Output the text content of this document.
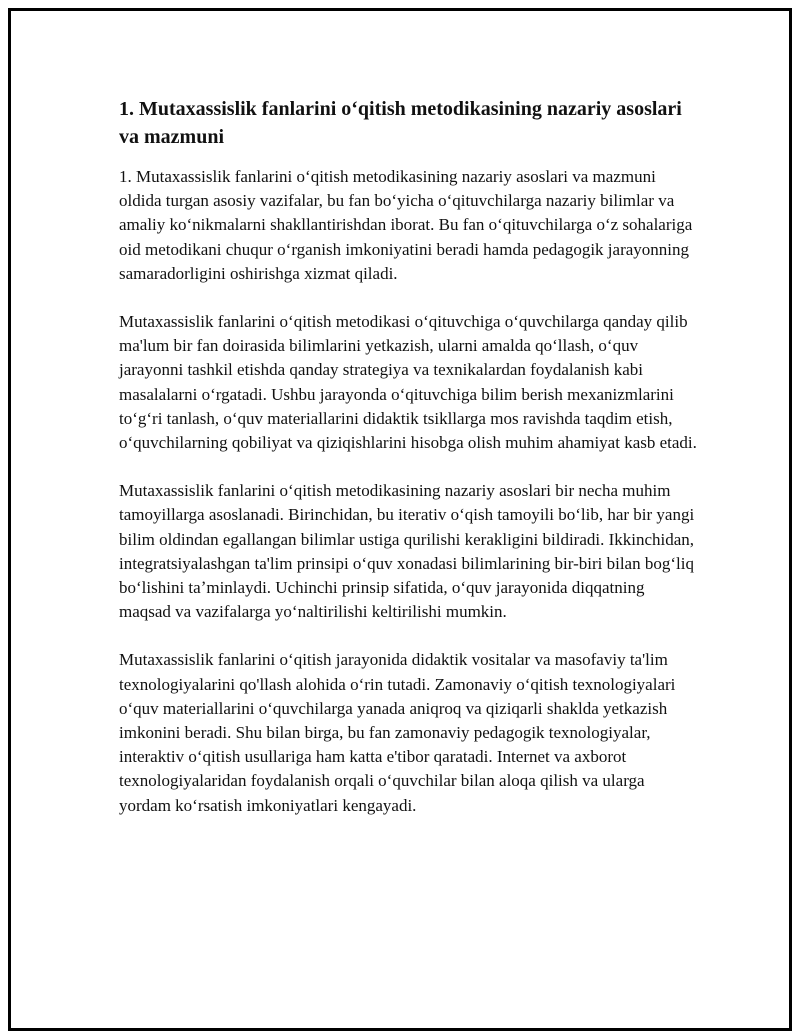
1. Mutaxassislik fanlarini oʻqitish metodikasining nazariy asoslari va mazmuni

1. Mutaxassislik fanlarini oʻqitish metodikasining nazariy asoslari va mazmuni oldida turgan asosiy vazifalar, bu fan boʻyicha oʻqituvchilarga nazariy bilimlar va amaliy koʻnikmalarni shakllantirishdan iborat. Bu fan oʻqituvchilarga oʻz sohalariga oid metodikani chuqur oʻrganish imkoniyatini beradi hamda pedagogik jarayonning samaradorligini oshirishga xizmat qiladi.

Mutaxassislik fanlarini oʻqitish metodikasi oʻqituvchiga oʻquvchilarga qanday qilib ma'lum bir fan doirasida bilimlarini yetkazish, ularni amalda qoʻllash, oʻquv jarayonni tashkil etishda qanday strategiya va texnikalardan foydalanish kabi masalalarni oʻrgatadi. Ushbu jarayonda oʻqituvchiga bilim berish mexanizmlarini toʻgʻri tanlash, oʻquv materiallarini didaktik tsikllarga mos ravishda taqdim etish, oʻquvchilarning qobiliyat va qiziqishlarini hisobga olish muhim ahamiyat kasb etadi.

Mutaxassislik fanlarini oʻqitish metodikasining nazariy asoslari bir necha muhim tamoyillarga asoslanadi. Birinchidan, bu iterativ oʻqish tamoyili boʻlib, har bir yangi bilim oldindan egallangan bilimlar ustiga qurilishi kerakligini bildiradi. Ikkinchidan, integratsiyalashgan ta'lim prinsipi oʻquv xonadasi bilimlarining bir-biri bilan bogʻliq boʻlishini taʼminlaydi. Uchinchi prinsip sifatida, oʻquv jarayonida diqqatning maqsad va vazifalarga yoʻnaltirilishi keltirilishi mumkin.

Mutaxassislik fanlarini oʻqitish jarayonida didaktik vositalar va masofaviy ta'lim texnologiyalarini qo'llash alohida oʻrin tutadi. Zamonaviy oʻqitish texnologiyalari oʻquv materiallarini oʻquvchilarga yanada aniqroq va qiziqarli shaklda yetkazish imkonini beradi. Shu bilan birga, bu fan zamonaviy pedagogik texnologiyalar, interaktiv oʻqitish usullariga ham katta e'tibor qaratadi. Internet va axborot texnologiyalaridan foydalanish orqali oʻquvchilar bilan aloqa qilish va ularga yordam koʻrsatish imkoniyatlari kengayadi.
